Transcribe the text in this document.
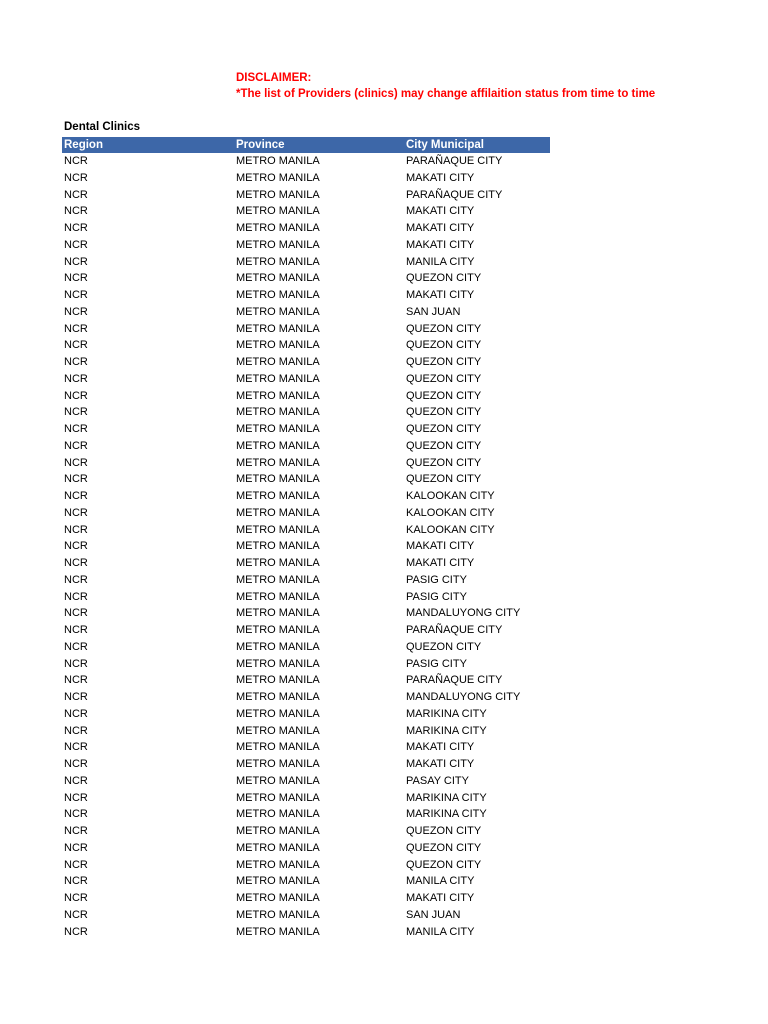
DISCLAIMER:
*The list of Providers (clinics) may change affilaition status from time to time
Dental Clinics
Region	Province	City Municipal
NCR	METRO MANILA	PARAÑAQUE CITY
NCR	METRO MANILA	MAKATI CITY
NCR	METRO MANILA	PARAÑAQUE CITY
NCR	METRO MANILA	MAKATI CITY
NCR	METRO MANILA	MAKATI CITY
NCR	METRO MANILA	MAKATI CITY
NCR	METRO MANILA	MANILA CITY
NCR	METRO MANILA	QUEZON CITY
NCR	METRO MANILA	MAKATI CITY
NCR	METRO MANILA	SAN JUAN
NCR	METRO MANILA	QUEZON CITY
NCR	METRO MANILA	QUEZON CITY
NCR	METRO MANILA	QUEZON CITY
NCR	METRO MANILA	QUEZON CITY
NCR	METRO MANILA	QUEZON CITY
NCR	METRO MANILA	QUEZON CITY
NCR	METRO MANILA	QUEZON CITY
NCR	METRO MANILA	QUEZON CITY
NCR	METRO MANILA	QUEZON CITY
NCR	METRO MANILA	QUEZON CITY
NCR	METRO MANILA	KALOOKAN CITY
NCR	METRO MANILA	KALOOKAN CITY
NCR	METRO MANILA	KALOOKAN CITY
NCR	METRO MANILA	MAKATI CITY
NCR	METRO MANILA	MAKATI CITY
NCR	METRO MANILA	PASIG CITY
NCR	METRO MANILA	PASIG CITY
NCR	METRO MANILA	MANDALUYONG CITY
NCR	METRO MANILA	PARAÑAQUE CITY
NCR	METRO MANILA	QUEZON CITY
NCR	METRO MANILA	PASIG CITY
NCR	METRO MANILA	PARAÑAQUE CITY
NCR	METRO MANILA	MANDALUYONG CITY
NCR	METRO MANILA	MARIKINA CITY
NCR	METRO MANILA	MARIKINA CITY
NCR	METRO MANILA	MAKATI CITY
NCR	METRO MANILA	MAKATI CITY
NCR	METRO MANILA	PASAY CITY
NCR	METRO MANILA	MARIKINA CITY
NCR	METRO MANILA	MARIKINA CITY
NCR	METRO MANILA	QUEZON CITY
NCR	METRO MANILA	QUEZON CITY
NCR	METRO MANILA	QUEZON CITY
NCR	METRO MANILA	MANILA CITY
NCR	METRO MANILA	MAKATI CITY
NCR	METRO MANILA	SAN JUAN
NCR	METRO MANILA	MANILA CITY
